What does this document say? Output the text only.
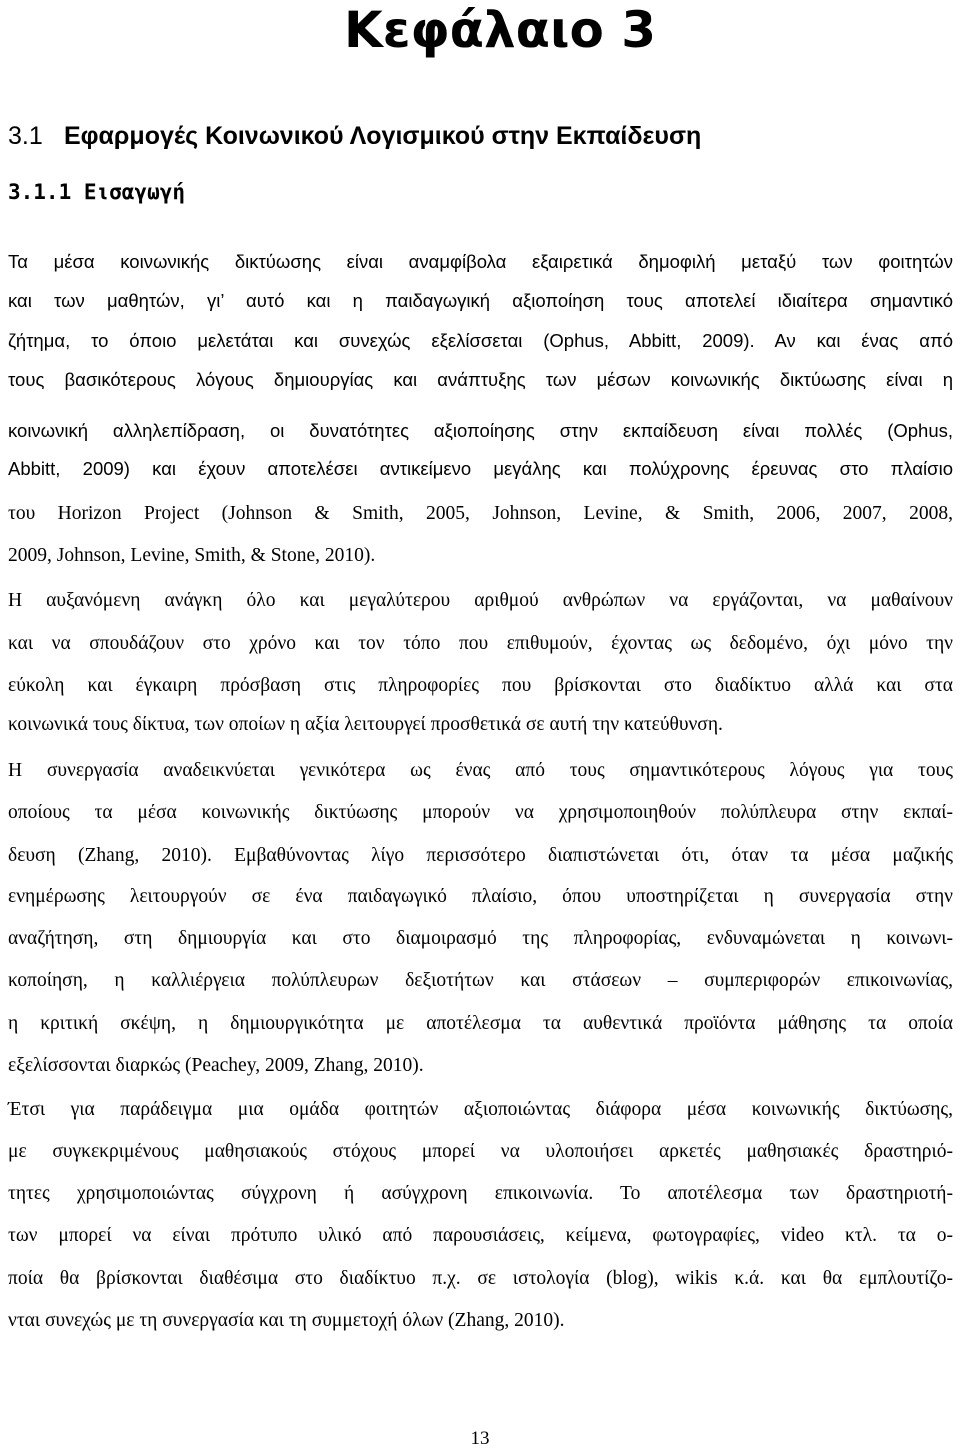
Κεφάλαιο 3
3.1 Εφαρμογές Κοινωνικού Λογισμικού στην Εκπαίδευση
3.1.1 Εισαγωγή
Τα μέσα κοινωνικής δικτύωσης είναι αναμφίβολα εξαιρετικά δημοφιλή μεταξύ των φοιτητών
και των μαθητών, γι’ αυτό και η παιδαγωγική αξιοποίηση τους αποτελεί ιδιαίτερα σημαντικό
ζήτημα, το όποιο μελετάται και συνεχώς εξελίσσεται (Ophus, Abbitt, 2009). Αν και ένας από
τους βασικότερους λόγους δημιουργίας και ανάπτυξης των μέσων κοινωνικής δικτύωσης είναι η
κοινωνική αλληλεπίδραση, οι δυνατότητες αξιοποίησης στην εκπαίδευση είναι πολλές (Ophus,
Abbitt, 2009) και έχουν αποτελέσει αντικείμενο μεγάλης και πολύχρονης έρευνας στο πλαίσιο
του Horizon Project (Johnson & Smith, 2005, Johnson, Levine, & Smith, 2006, 2007, 2008,
2009, Johnson, Levine, Smith, & Stone, 2010).
Η αυξανόμενη ανάγκη όλο και μεγαλύτερου αριθμού ανθρώπων να εργάζονται, να μαθαίνουν
και να σπουδάζουν στο χρόνο και τον τόπο που επιθυμούν, έχοντας ως δεδομένο, όχι μόνο την
εύκολη και έγκαιρη πρόσβαση στις πληροφορίες που βρίσκονται στο διαδίκτυο αλλά και στα
κοινωνικά τους δίκτυα, των οποίων η αξία λειτουργεί προσθετικά σε αυτή την κατεύθυνση.
Η συνεργασία αναδεικνύεται γενικότερα ως ένας από τους σημαντικότερους λόγους για τους
οποίους τα μέσα κοινωνικής δικτύωσης μπορούν να χρησιμοποιηθούν πολύπλευρα στην εκπαί-
δευση (Zhang, 2010). Εμβαθύνοντας λίγο περισσότερο διαπιστώνεται ότι, όταν τα μέσα μαζικής
ενημέρωσης λειτουργούν σε ένα παιδαγωγικό πλαίσιο, όπου υποστηρίζεται η συνεργασία στην
αναζήτηση, στη δημιουργία και στο διαμοιρασμό της πληροφορίας, ενδυναμώνεται η κοινωνι-
κοποίηση, η καλλιέργεια πολύπλευρων δεξιοτήτων και στάσεων – συμπεριφορών επικοινωνίας,
η κριτική σκέψη, η δημιουργικότητα με αποτέλεσμα τα αυθεντικά προϊόντα μάθησης τα οποία
εξελίσσονται διαρκώς (Peachey, 2009, Zhang, 2010).
Έτσι για παράδειγμα μια ομάδα φοιτητών αξιοποιώντας διάφορα μέσα κοινωνικής δικτύωσης,
με συγκεκριμένους μαθησιακούς στόχους μπορεί να υλοποιήσει αρκετές μαθησιακές δραστηριό-
τητες χρησιμοποιώντας σύγχρονη ή ασύγχρονη επικοινωνία. Το αποτέλεσμα των δραστηριοτή-
των μπορεί να είναι πρότυπο υλικό από παρουσιάσεις, κείμενα, φωτογραφίες, video κτλ. τα ο-
ποία θα βρίσκονται διαθέσιμα στο διαδίκτυο π.χ. σε ιστολογία (blog), wikis κ.ά. και θα εμπλουτίζο-
νται συνεχώς με τη συνεργασία και τη συμμετοχή όλων (Zhang, 2010).
13
